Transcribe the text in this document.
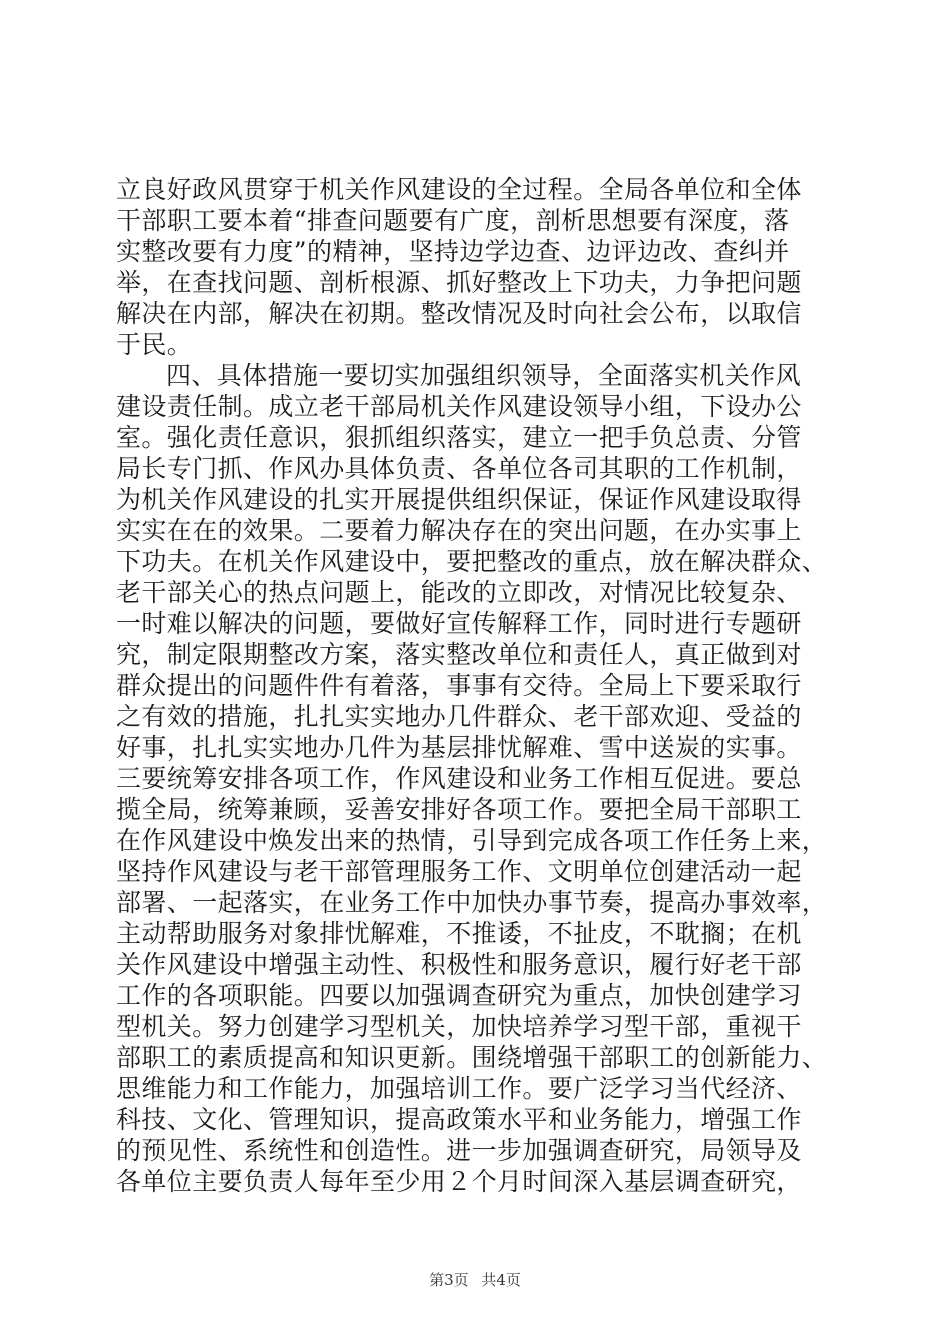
立良好政风贯穿于机关作风建设的全过程。全局各单位和全体
干部职工要本着“排查问题要有广度，剖析思想要有深度，落
实整改要有力度”的精神，坚持边学边查、边评边改、查纠并
举，在查找问题、剖析根源、抓好整改上下功夫，力争把问题
解决在内部，解决在初期。整改情况及时向社会公布，以取信
于民。
四、具体措施一要切实加强组织领导，全面落实机关作风
建设责任制。成立老干部局机关作风建设领导小组，下设办公
室。强化责任意识，狠抓组织落实，建立一把手负总责、分管
局长专门抓、作风办具体负责、各单位各司其职的工作机制，
为机关作风建设的扎实开展提供组织保证，保证作风建设取得
实实在在的效果。二要着力解决存在的突出问题，在办实事上
下功夫。在机关作风建设中，要把整改的重点，放在解决群众、
老干部关心的热点问题上，能改的立即改，对情况比较复杂、
一时难以解决的问题，要做好宣传解释工作，同时进行专题研
究，制定限期整改方案，落实整改单位和责任人，真正做到对
群众提出的问题件件有着落，事事有交待。全局上下要采取行
之有效的措施，扎扎实实地办几件群众、老干部欢迎、受益的
好事，扎扎实实地办几件为基层排忧解难、雪中送炭的实事。
三要统筹安排各项工作，作风建设和业务工作相互促进。要总
揽全局，统筹兼顾，妥善安排好各项工作。要把全局干部职工
在作风建设中焕发出来的热情，引导到完成各项工作任务上来，
坚持作风建设与老干部管理服务工作、文明单位创建活动一起
部署、一起落实，在业务工作中加快办事节奏，提高办事效率，
主动帮助服务对象排忧解难，不推诿，不扯皮，不耽搁；在机
关作风建设中增强主动性、积极性和服务意识，履行好老干部
工作的各项职能。四要以加强调查研究为重点，加快创建学习
型机关。努力创建学习型机关，加快培养学习型干部，重视干
部职工的素质提高和知识更新。围绕增强干部职工的创新能力、
思维能力和工作能力，加强培训工作。要广泛学习当代经济、
科技、文化、管理知识，提高政策水平和业务能力，增强工作
的预见性、系统性和创造性。进一步加强调查研究，局领导及
各单位主要负责人每年至少用２个月时间深入基层调查研究，
第3页 共4页
